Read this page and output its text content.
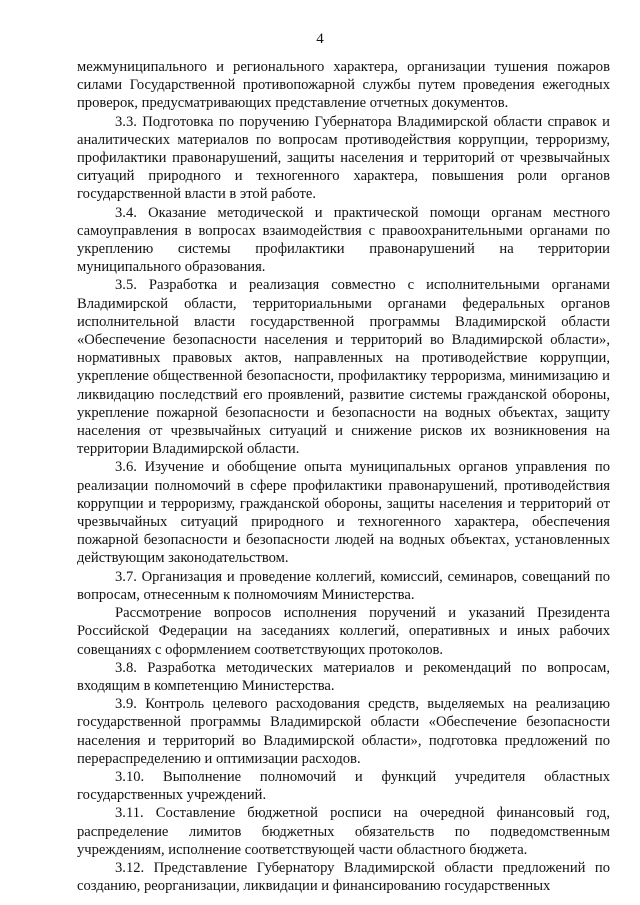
4

межмуниципального и регионального характера, организации тушения пожаров силами Государственной противопожарной службы путем проведения ежегодных проверок, предусматривающих представление отчетных документов.

3.3. Подготовка по поручению Губернатора Владимирской области справок и аналитических материалов по вопросам противодействия коррупции, терроризму, профилактики правонарушений, защиты населения и территорий от чрезвычайных ситуаций природного и техногенного характера, повышения роли органов государственной власти в этой работе.

3.4. Оказание методической и практической помощи органам местного самоуправления в вопросах взаимодействия с правоохранительными органами по укреплению системы профилактики правонарушений на территории муниципального образования.

3.5. Разработка и реализация совместно с исполнительными органами Владимирской области, территориальными органами федеральных органов исполнительной власти государственной программы Владимирской области «Обеспечение безопасности населения и территорий во Владимирской области», нормативных правовых актов, направленных на противодействие коррупции, укрепление общественной безопасности, профилактику терроризма, минимизацию и ликвидацию последствий его проявлений, развитие системы гражданской обороны, укрепление пожарной безопасности и безопасности на водных объектах, защиту населения от чрезвычайных ситуаций и снижение рисков их возникновения на территории Владимирской области.

3.6. Изучение и обобщение опыта муниципальных органов управления по реализации полномочий в сфере профилактики правонарушений, противодействия коррупции и терроризму, гражданской обороны, защиты населения и территорий от чрезвычайных ситуаций природного и техногенного характера, обеспечения пожарной безопасности и безопасности людей на водных объектах, установленных действующим законодательством.

3.7. Организация и проведение коллегий, комиссий, семинаров, совещаний по вопросам, отнесенным к полномочиям Министерства.

Рассмотрение вопросов исполнения поручений и указаний Президента Российской Федерации на заседаниях коллегий, оперативных и иных рабочих совещаниях с оформлением соответствующих протоколов.

3.8. Разработка методических материалов и рекомендаций по вопросам, входящим в компетенцию Министерства.

3.9. Контроль целевого расходования средств, выделяемых на реализацию государственной программы Владимирской области «Обеспечение безопасности населения и территорий во Владимирской области», подготовка предложений по перераспределению и оптимизации расходов.

3.10. Выполнение полномочий и функций учредителя областных государственных учреждений.

3.11. Составление бюджетной росписи на очередной финансовый год, распределение лимитов бюджетных обязательств по подведомственным учреждениям, исполнение соответствующей части областного бюджета.

3.12. Представление Губернатору Владимирской области предложений по созданию, реорганизации, ликвидации и финансированию государственных
